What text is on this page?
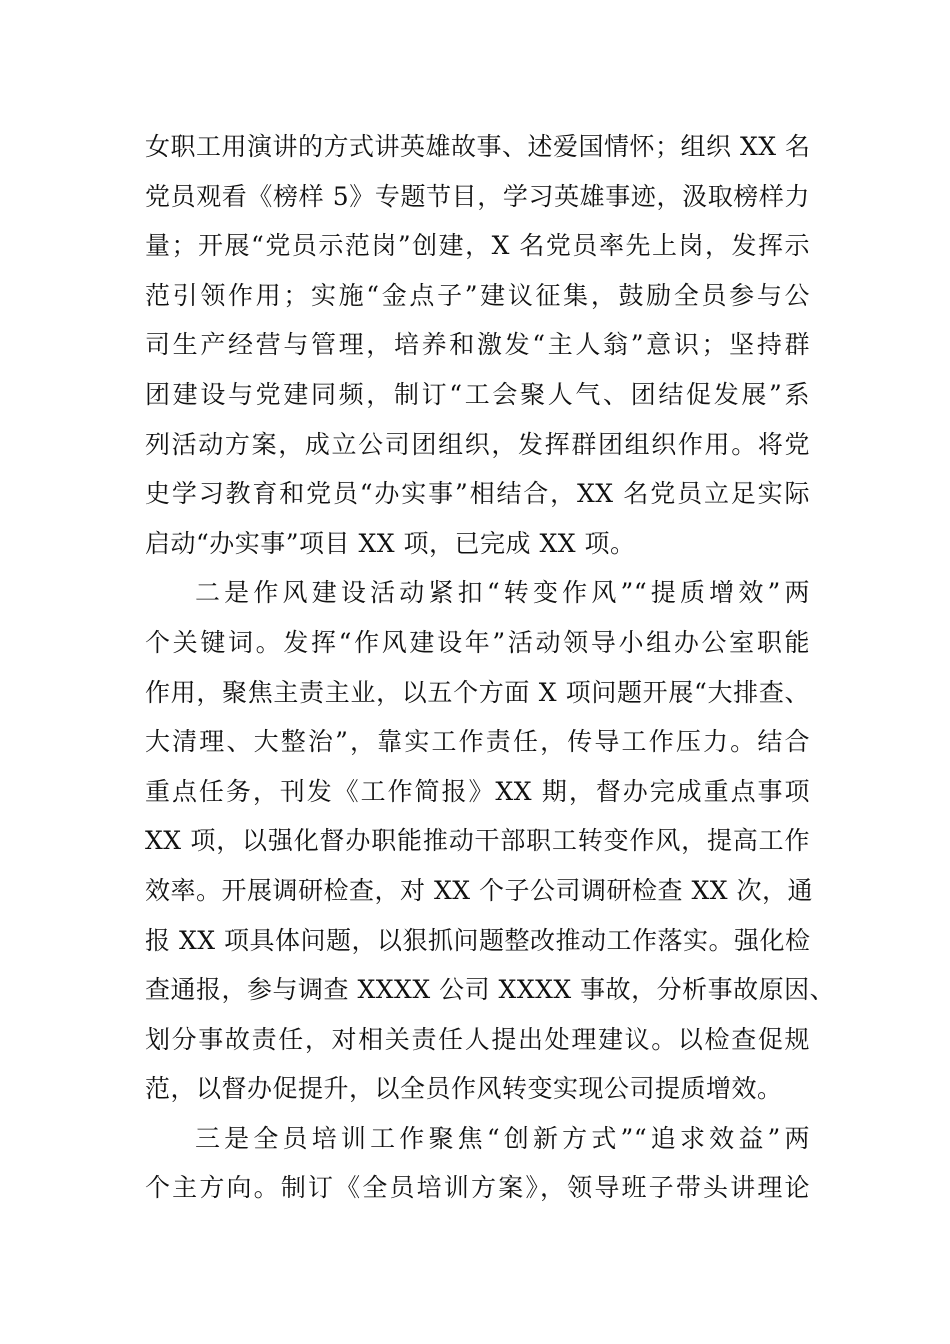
女职工用演讲的方式讲英雄故事、述爱国情怀；组织 XX 名
党员观看《榜样 5》专题节目，学习英雄事迹，汲取榜样力
量；开展“党员示范岗”创建，X 名党员率先上岗，发挥示
范引领作用；实施“金点子”建议征集，鼓励全员参与公
司生产经营与管理，培养和激发“主人翁”意识；坚持群
团建设与党建同频，制订“工会聚人气、团结促发展”系
列活动方案，成立公司团组织，发挥群团组织作用。将党
史学习教育和党员“办实事”相结合，XX 名党员立足实际
启动“办实事”项目 XX 项，已完成 XX 项。
二是作风建设活动紧扣“转变作风”“提质增效”两
个关键词。发挥“作风建设年”活动领导小组办公室职能
作用，聚焦主责主业，以五个方面 X 项问题开展“大排查、
大清理、大整治”，靠实工作责任，传导工作压力。结合
重点任务，刊发《工作简报》XX 期，督办完成重点事项
XX 项，以强化督办职能推动干部职工转变作风，提高工作
效率。开展调研检查，对 XX 个子公司调研检查 XX 次，通
报 XX 项具体问题，以狠抓问题整改推动工作落实。强化检
查通报，参与调查 XXXX 公司 XXXX 事故，分析事故原因、
划分事故责任，对相关责任人提出处理建议。以检查促规
范，以督办促提升，以全员作风转变实现公司提质增效。
三是全员培训工作聚焦“创新方式”“追求效益”两
个主方向。制订《全员培训方案》，领导班子带头讲理论
